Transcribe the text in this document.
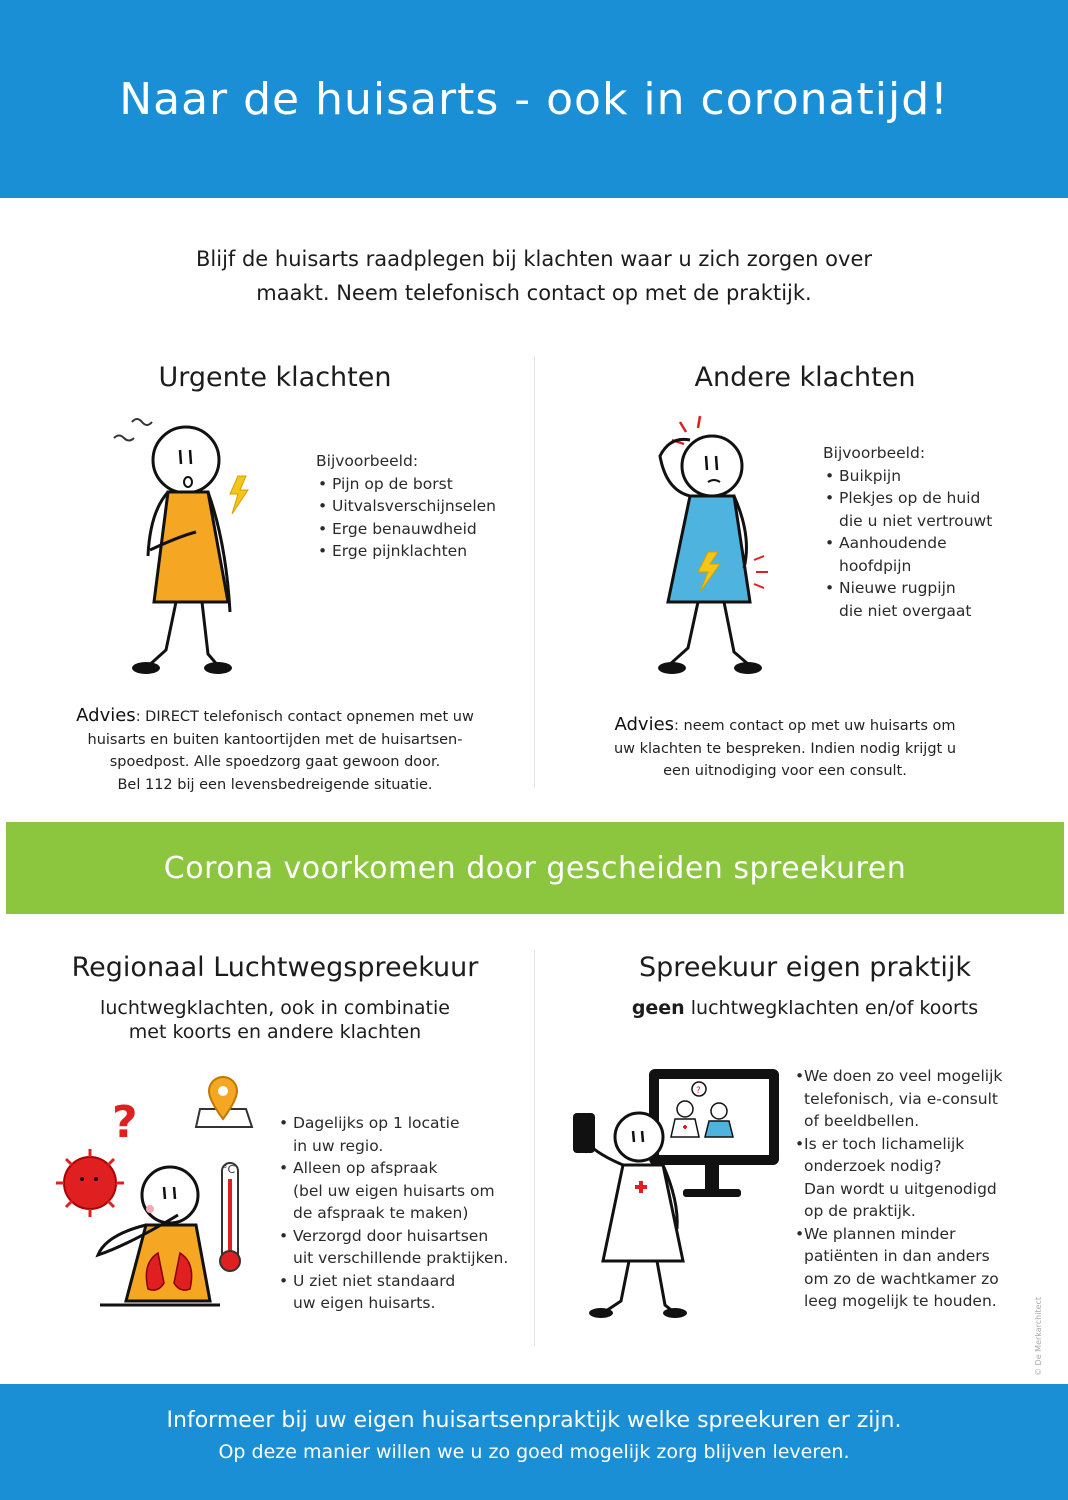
Naar de huisarts - ook in coronatijd!
Blijf de huisarts raadplegen bij klachten waar u zich zorgen over
maakt. Neem telefonisch contact op met de praktijk.
Urgente klachten
Bijvoorbeeld:
• Pijn op de borst
• Uitvalsverschijnselen
• Erge benauwdheid
• Erge pijnklachten
Advies: DIRECT telefonisch contact opnemen met uw
huisarts en buiten kantoortijden met de huisartsen-
spoedpost. Alle spoedzorg gaat gewoon door.
Bel 112 bij een levensbedreigende situatie.
Andere klachten
Bijvoorbeeld:
• Buikpijn
• Plekjes op de huid
die u niet vertrouwt
• Aanhoudende
hoofdpijn
• Nieuwe rugpijn
die niet overgaat
Advies: neem contact op met uw huisarts om
uw klachten te bespreken. Indien nodig krijgt u
een uitnodiging voor een consult.
Corona voorkomen door gescheiden spreekuren
Regionaal Luchtwegspreekuur
luchtwegklachten, ook in combinatie
met koorts en andere klachten
?
°C
• Dagelijks op 1 locatie
in uw regio.
• Alleen op afspraak
(bel uw eigen huisarts om
de afspraak te maken)
• Verzorgd door huisartsen
uit verschillende praktijken.
• U ziet niet standaard
uw eigen huisarts.
Spreekuur eigen praktijk
geen luchtwegklachten en/of koorts
?
• We doen zo veel mogelijk
telefonisch, via e-consult
of beeldbellen.
• Is er toch lichamelijk
onderzoek nodig?
Dan wordt u uitgenodigd
op de praktijk.
• We plannen minder
patiënten in dan anders
om zo de wachtkamer zo
leeg mogelijk te houden.	© De Merkarchitect
Informeer bij uw eigen huisartsenpraktijk welke spreekuren er zijn.
Op deze manier willen we u zo goed mogelijk zorg blijven leveren.
